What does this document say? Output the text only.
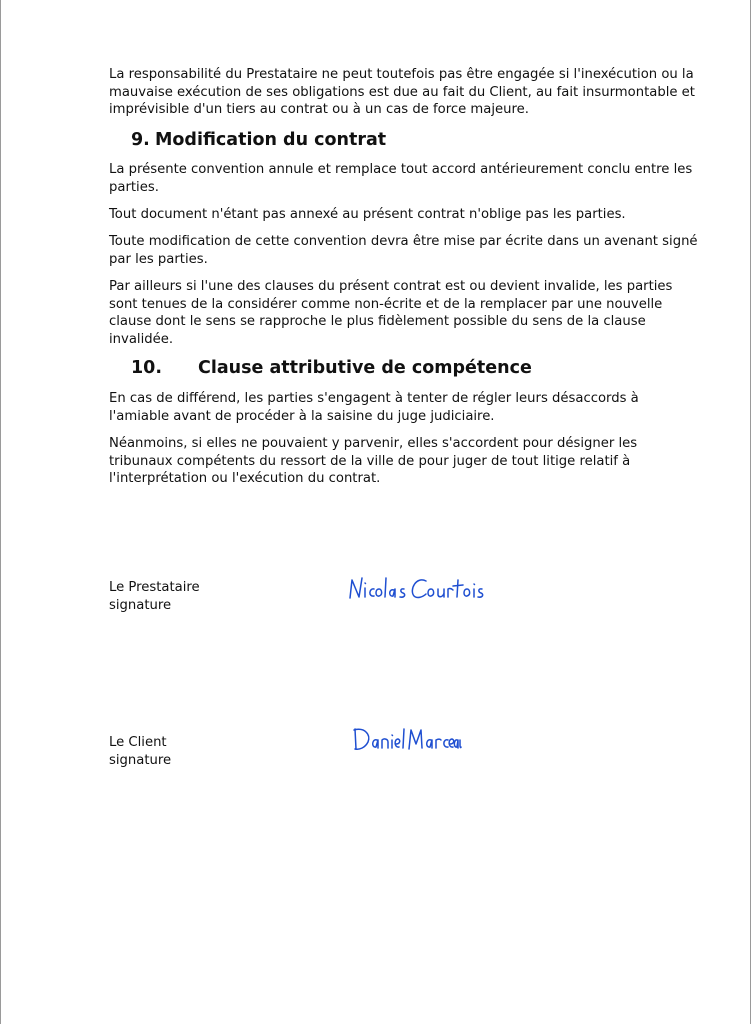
La responsabilité du Prestataire ne peut toutefois pas être engagée si l'inexécution ou la mauvaise exécution de ses obligations est due au fait du Client, au fait insurmontable et imprévisible d'un tiers au contrat ou à un cas de force majeure.

9. Modification du contrat

La présente convention annule et remplace tout accord antérieurement conclu entre les parties.

Tout document n'étant pas annexé au présent contrat n'oblige pas les parties.

Toute modification de cette convention devra être mise par écrite dans un avenant signé par les parties.

Par ailleurs si l'une des clauses du présent contrat est ou devient invalide, les parties sont tenues de la considérer comme non-écrite et de la remplacer par une nouvelle clause dont le sens se rapproche le plus fidèlement possible du sens de la clause invalidée.

10. Clause attributive de compétence

En cas de différend, les parties s'engagent à tenter de régler leurs désaccords à l'amiable avant de procéder à la saisine du juge judiciaire.

Néanmoins, si elles ne pouvaient y parvenir, elles s'accordent pour désigner les tribunaux compétents du ressort de la ville de pour juger de tout litige relatif à l'interprétation ou l'exécution du contrat.

Le Prestataire
signature
Le Client
signature
